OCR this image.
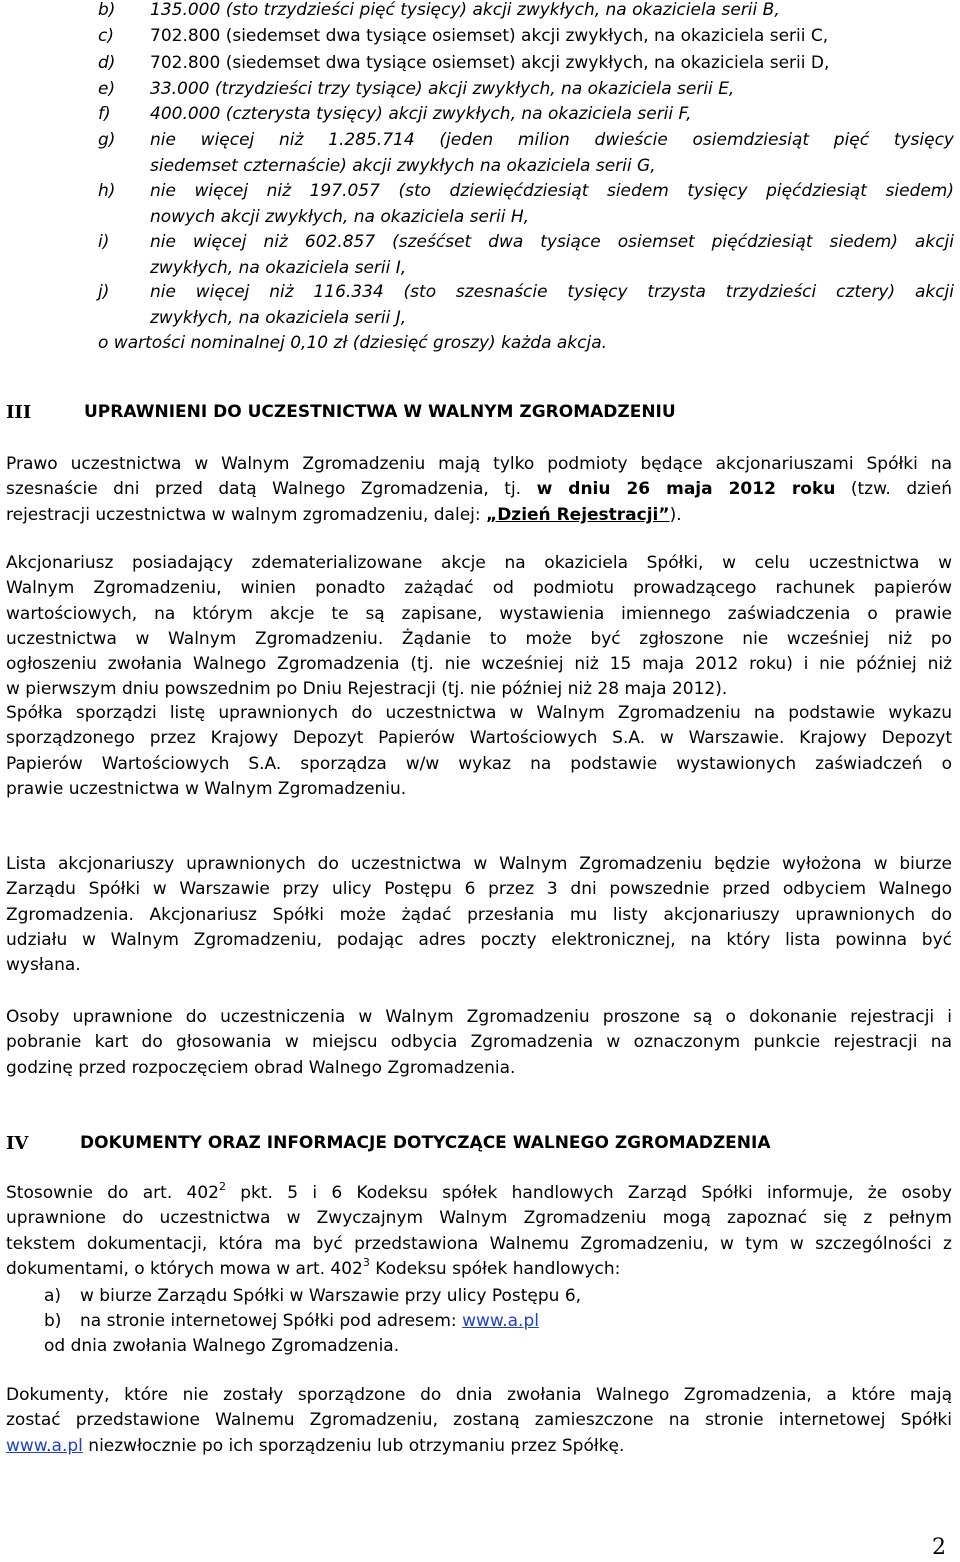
b) 135.000 (sto trzydzieści pięć tysięcy) akcji zwykłych, na okaziciela serii B,
c) 702.800 (siedemset dwa tysiące osiemset) akcji zwykłych, na okaziciela serii C,
d) 702.800 (siedemset dwa tysiące osiemset) akcji zwykłych, na okaziciela serii D,
e) 33.000 (trzydzieści trzy tysiące) akcji zwykłych, na okaziciela serii E,
f) 400.000 (czterysta tysięcy) akcji zwykłych, na okaziciela serii F,
g) nie więcej niż 1.285.714 (jeden milion dwieście osiemdziesiąt pięć tysięcy
siedemset czternaście) akcji zwykłych na okaziciela serii G,
h) nie więcej niż 197.057 (sto dziewięćdziesiąt siedem tysięcy pięćdziesiąt siedem)
nowych akcji zwykłych, na okaziciela serii H,
i) nie więcej niż 602.857 (sześćset dwa tysiące osiemset pięćdziesiąt siedem) akcji
zwykłych, na okaziciela serii I,
j) nie więcej niż 116.334 (sto szesnaście tysięcy trzysta trzydzieści cztery) akcji
zwykłych, na okaziciela serii J,
o wartości nominalnej 0,10 zł (dziesięć groszy) każda akcja.
III	UPRAWNIENI DO UCZESTNICTWA W WALNYM ZGROMADZENIU
Prawo uczestnictwa w Walnym Zgromadzeniu mają tylko podmioty będące akcjonariuszami Spółki na
szesnaście dni przed datą Walnego Zgromadzenia, tj. w dniu 26 maja 2012 roku (tzw. dzień
rejestracji uczestnictwa w walnym zgromadzeniu, dalej: „Dzień Rejestracji”).
Akcjonariusz posiadający zdematerializowane akcje na okaziciela Spółki, w celu uczestnictwa w
Walnym Zgromadzeniu, winien ponadto zażądać od podmiotu prowadzącego rachunek papierów
wartościowych, na którym akcje te są zapisane, wystawienia imiennego zaświadczenia o prawie
uczestnictwa w Walnym Zgromadzeniu. Żądanie to może być zgłoszone nie wcześniej niż po
ogłoszeniu zwołania Walnego Zgromadzenia (tj. nie wcześniej niż 15 maja 2012 roku) i nie później niż
w pierwszym dniu powszednim po Dniu Rejestracji (tj. nie później niż 28 maja 2012).
Spółka sporządzi listę uprawnionych do uczestnictwa w Walnym Zgromadzeniu na podstawie wykazu
sporządzonego przez Krajowy Depozyt Papierów Wartościowych S.A. w Warszawie. Krajowy Depozyt
Papierów Wartościowych S.A. sporządza w/w wykaz na podstawie wystawionych zaświadczeń o
prawie uczestnictwa w Walnym Zgromadzeniu.
Lista akcjonariuszy uprawnionych do uczestnictwa w Walnym Zgromadzeniu będzie wyłożona w biurze
Zarządu Spółki w Warszawie przy ulicy Postępu 6 przez 3 dni powszednie przed odbyciem Walnego
Zgromadzenia. Akcjonariusz Spółki może żądać przesłania mu listy akcjonariuszy uprawnionych do
udziału w Walnym Zgromadzeniu, podając adres poczty elektronicznej, na który lista powinna być
wysłana.
Osoby uprawnione do uczestniczenia w Walnym Zgromadzeniu proszone są o dokonanie rejestracji i
pobranie kart do głosowania w miejscu odbycia Zgromadzenia w oznaczonym punkcie rejestracji na
godzinę przed rozpoczęciem obrad Walnego Zgromadzenia.
IV	DOKUMENTY ORAZ INFORMACJE DOTYCZĄCE WALNEGO ZGROMADZENIA
Stosownie do art. $402^2$ pkt. 5 i 6 Kodeksu spółek handlowych Zarząd Spółki informuje, że osoby
uprawnione do uczestnictwa w Zwyczajnym Walnym Zgromadzeniu mogą zapoznać się z pełnym
tekstem dokumentacji, która ma być przedstawiona Walnemu Zgromadzeniu, w tym w szczególności z
dokumentami, o których mowa w art. $402^3$ Kodeksu spółek handlowych:
a) w biurze Zarządu Spółki w Warszawie przy ulicy Postępu 6,
b) na stronie internetowej Spółki pod adresem: www.a.pl
od dnia zwołania Walnego Zgromadzenia.
Dokumenty, które nie zostały sporządzone do dnia zwołania Walnego Zgromadzenia, a które mają
zostać przedstawione Walnemu Zgromadzeniu, zostaną zamieszczone na stronie internetowej Spółki
www.a.pl niezwłocznie po ich sporządzeniu lub otrzymaniu przez Spółkę.
2
